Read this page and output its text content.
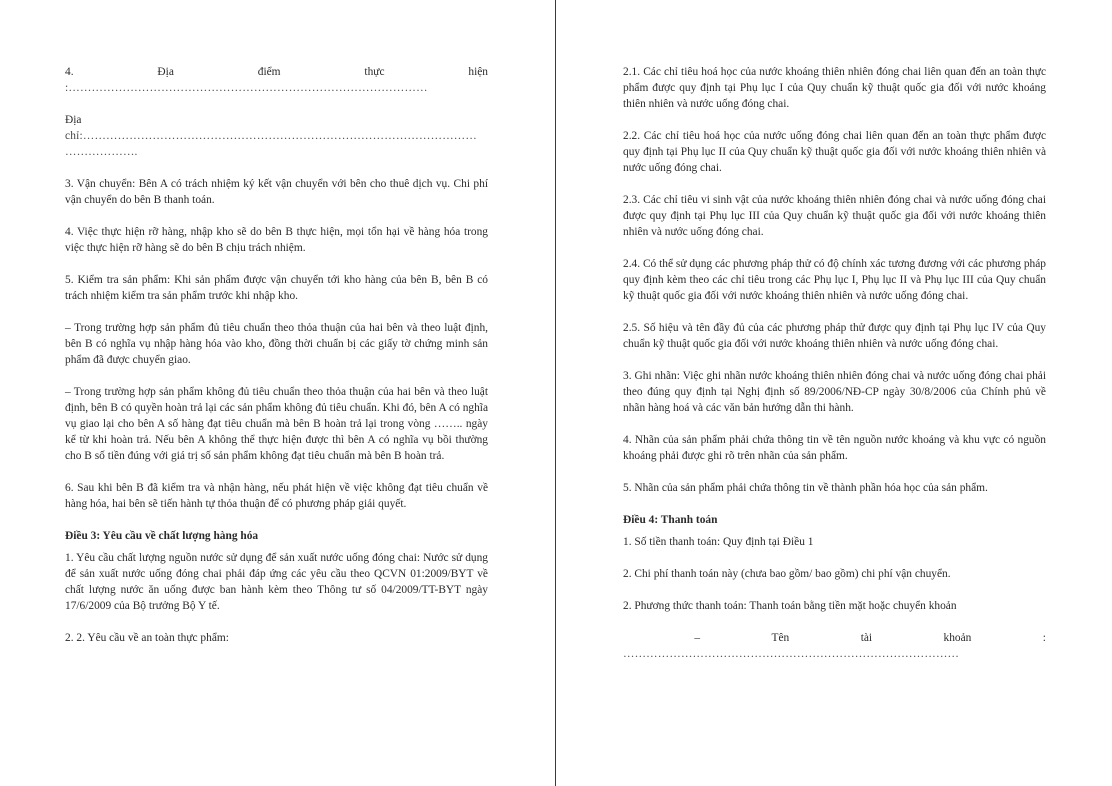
4.	Địa	điểm	thực	hiện

:…………………………………………………………………………………

Địa

chỉ:…………………………………………………………………………………………

……………….

3. Vận chuyển: Bên A có trách nhiệm ký kết vận chuyển với bên cho thuê dịch vụ. Chi phí vận chuyển do bên B thanh toán.

4. Việc thực hiện rỡ hàng, nhập kho sẽ do bên B thực hiện, mọi tổn hại về hàng hóa trong việc thực hiện rỡ hàng sẽ do bên B chịu trách nhiệm.

5. Kiểm tra sản phẩm: Khi sản phẩm được vận chuyển tới kho hàng của bên B, bên B có trách nhiệm kiểm tra sản phẩm trước khi nhập kho.

– Trong trường hợp sản phẩm đủ tiêu chuẩn theo thỏa thuận của hai bên và theo luật định, bên B có nghĩa vụ nhập hàng hóa vào kho, đồng thời chuẩn bị các giấy tờ chứng minh sản phẩm đã được chuyển giao.

– Trong trường hợp sản phẩm không đủ tiêu chuẩn theo thỏa thuận của hai bên và theo luật định, bên B có quyền hoàn trả lại các sản phẩm không đủ tiêu chuẩn. Khi đó, bên A có nghĩa vụ giao lại cho bên A số hàng đạt tiêu chuẩn mà bên B hoàn trả lại trong vòng …….. ngày kể từ khi hoàn trả. Nếu bên A không thể thực hiện được thì bên A có nghĩa vụ bồi thường cho B số tiền đúng với giá trị số sản phẩm không đạt tiêu chuẩn mà bên B hoàn trả.

6. Sau khi bên B đã kiểm tra và nhận hàng, nếu phát hiện về việc không đạt tiêu chuẩn về hàng hóa, hai bên sẽ tiến hành tự thỏa thuận để có phương pháp giải quyết.

Điều 3: Yêu cầu về chất lượng hàng hóa

1. Yêu cầu chất lượng nguồn nước sử dụng để sản xuất nước uống đóng chai: Nước sử dụng để sản xuất nước uống đóng chai phải đáp ứng các yêu cầu theo QCVN 01:2009/BYT về chất lượng nước ăn uống được ban hành kèm theo Thông tư số 04/2009/TT-BYT ngày 17/6/2009 của Bộ trưởng Bộ Y tế.

2. 2. Yêu cầu về an toàn thực phẩm:

2.1. Các chỉ tiêu hoá học của nước khoáng thiên nhiên đóng chai liên quan đến an toàn thực phẩm được quy định tại Phụ lục I của Quy chuẩn kỹ thuật quốc gia đối với nước khoáng thiên nhiên và nước uống đóng chai.

2.2. Các chỉ tiêu hoá học của nước uống đóng chai liên quan đến an toàn thực phẩm được quy định tại Phụ lục II của Quy chuẩn kỹ thuật quốc gia đối với nước khoáng thiên nhiên và nước uống đóng chai.

2.3. Các chỉ tiêu vi sinh vật của nước khoáng thiên nhiên đóng chai và nước uống đóng chai được quy định tại Phụ lục III của Quy chuẩn kỹ thuật quốc gia đối với nước khoáng thiên nhiên và nước uống đóng chai.

2.4. Có thể sử dụng các phương pháp thử có độ chính xác tương đương với các phương pháp quy định kèm theo các chỉ tiêu trong các Phụ lục I, Phụ lục II và Phụ lục III của Quy chuẩn kỹ thuật quốc gia đối với nước khoáng thiên nhiên và nước uống đóng chai.

2.5. Số hiệu và tên đầy đủ của các phương pháp thử được quy định tại Phụ lục IV của Quy chuẩn kỹ thuật quốc gia đối với nước khoáng thiên nhiên và nước uống đóng chai.

3. Ghi nhãn: Việc ghi nhãn nước khoáng thiên nhiên đóng chai và nước uống đóng chai phải theo đúng quy định tại Nghị định số 89/2006/NĐ-CP ngày 30/8/2006 của Chính phủ về nhãn hàng hoá và các văn bản hướng dẫn thi hành.

4. Nhãn của sản phẩm phải chứa thông tin về tên nguồn nước khoáng và khu vực có nguồn khoáng phải được ghi rõ trên nhãn của sản phẩm.

5. Nhãn của sản phẩm phải chứa thông tin về thành phần hóa học của sản phẩm.

Điều 4: Thanh toán

1. Số tiền thanh toán: Quy định tại Điều 1

2. Chi phí thanh toán này (chưa bao gồm/ bao gồm) chi phí vận chuyển.

2. Phương thức thanh toán: Thanh toán bằng tiền mặt hoặc chuyển khoản

–	Tên	tài	khoản	:

……………………………………………………………………………
